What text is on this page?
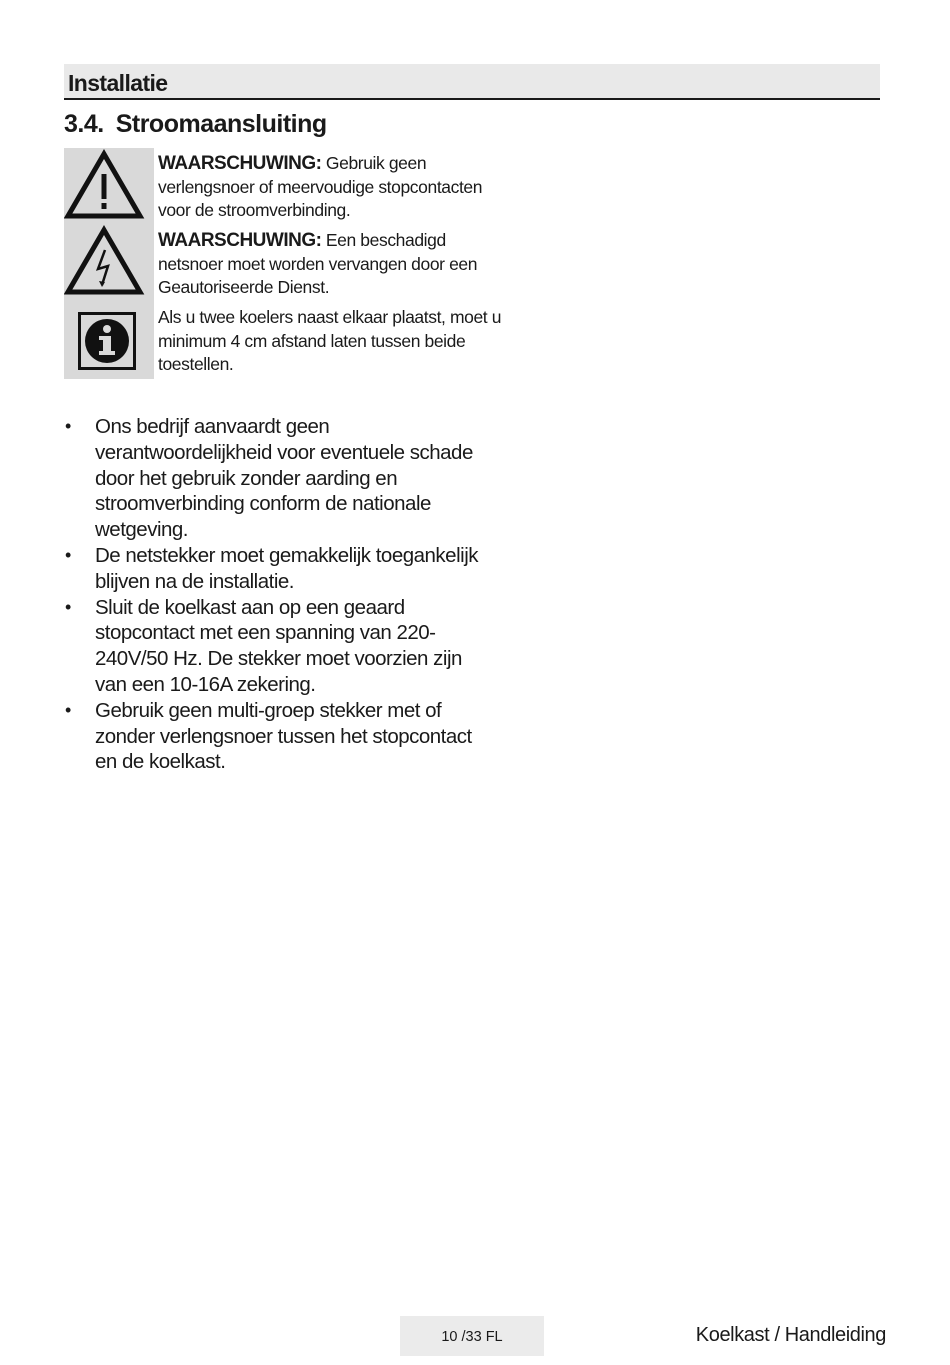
Installatie
3.4. Stroomaansluiting
WAARSCHUWING: Gebruik geen verlengsnoer of meervoudige stopcontacten voor de stroomverbinding.
WAARSCHUWING: Een beschadigd netsnoer moet worden vervangen door een Geautoriseerde Dienst.
Als u twee koelers naast elkaar plaatst, moet u minimum 4 cm afstand laten tussen beide toestellen.
• Ons bedrijf aanvaardt geen verantwoordelijkheid voor eventuele schade door het gebruik zonder aarding en stroomverbinding conform de nationale wetgeving.
• De netstekker moet gemakkelijk toegankelijk blijven na de installatie.
• Sluit de koelkast aan op een geaard stopcontact met een spanning van 220-240V/50 Hz. De stekker moet voorzien zijn van een 10-16A zekering.
• Gebruik geen multi-groep stekker met of zonder verlengsnoer tussen het stopcontact en de koelkast.
10 /33 FL	Koelkast / Handleiding
